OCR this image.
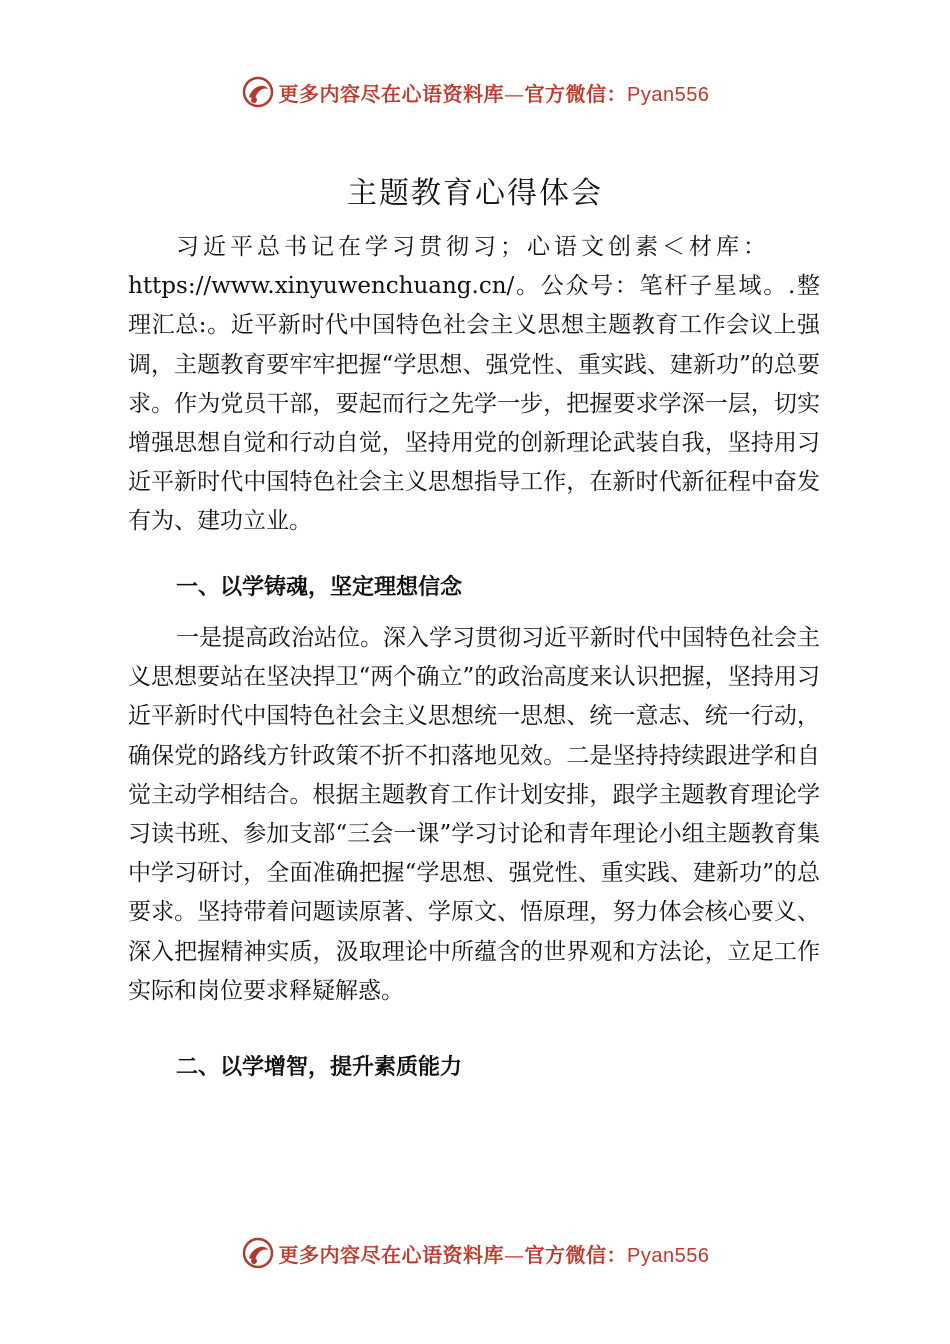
更多内容尽在心语资料库—官方微信：Pyan556
主题教育心得体会
习近平总书记在学习贯彻习；心语文创素＜材库：
https://www.xinyuwenchuang.cn/。公众号：笔杆子星域。.整理汇总:。近平新时代中国特色社会主义思想主题教育工作会议上强调，主题教育要牢牢把握“学思想、强党性、重实践、建新功”的总要求。作为党员干部，要起而行之先学一步，把握要求学深一层，切实增强思想自觉和行动自觉，坚持用党的创新理论武装自我，坚持用习近平新时代中国特色社会主义思想指导工作，在新时代新征程中奋发有为、建功立业。
一、以学铸魂，坚定理想信念
一是提高政治站位。深入学习贯彻习近平新时代中国特色社会主义思想要站在坚决捍卫“两个确立”的政治高度来认识把握，坚持用习近平新时代中国特色社会主义思想统一思想、统一意志、统一行动，确保党的路线方针政策不折不扣落地见效。二是坚持持续跟进学和自觉主动学相结合。根据主题教育工作计划安排，跟学主题教育理论学习读书班、参加支部“三会一课”学习讨论和青年理论小组主题教育集中学习研讨，全面准确把握“学思想、强党性、重实践、建新功”的总要求。坚持带着问题读原著、学原文、悟原理，努力体会核心要义、深入把握精神实质，汲取理论中所蕴含的世界观和方法论，立足工作实际和岗位要求释疑解惑。
二、以学增智，提升素质能力
更多内容尽在心语资料库—官方微信：Pyan556
